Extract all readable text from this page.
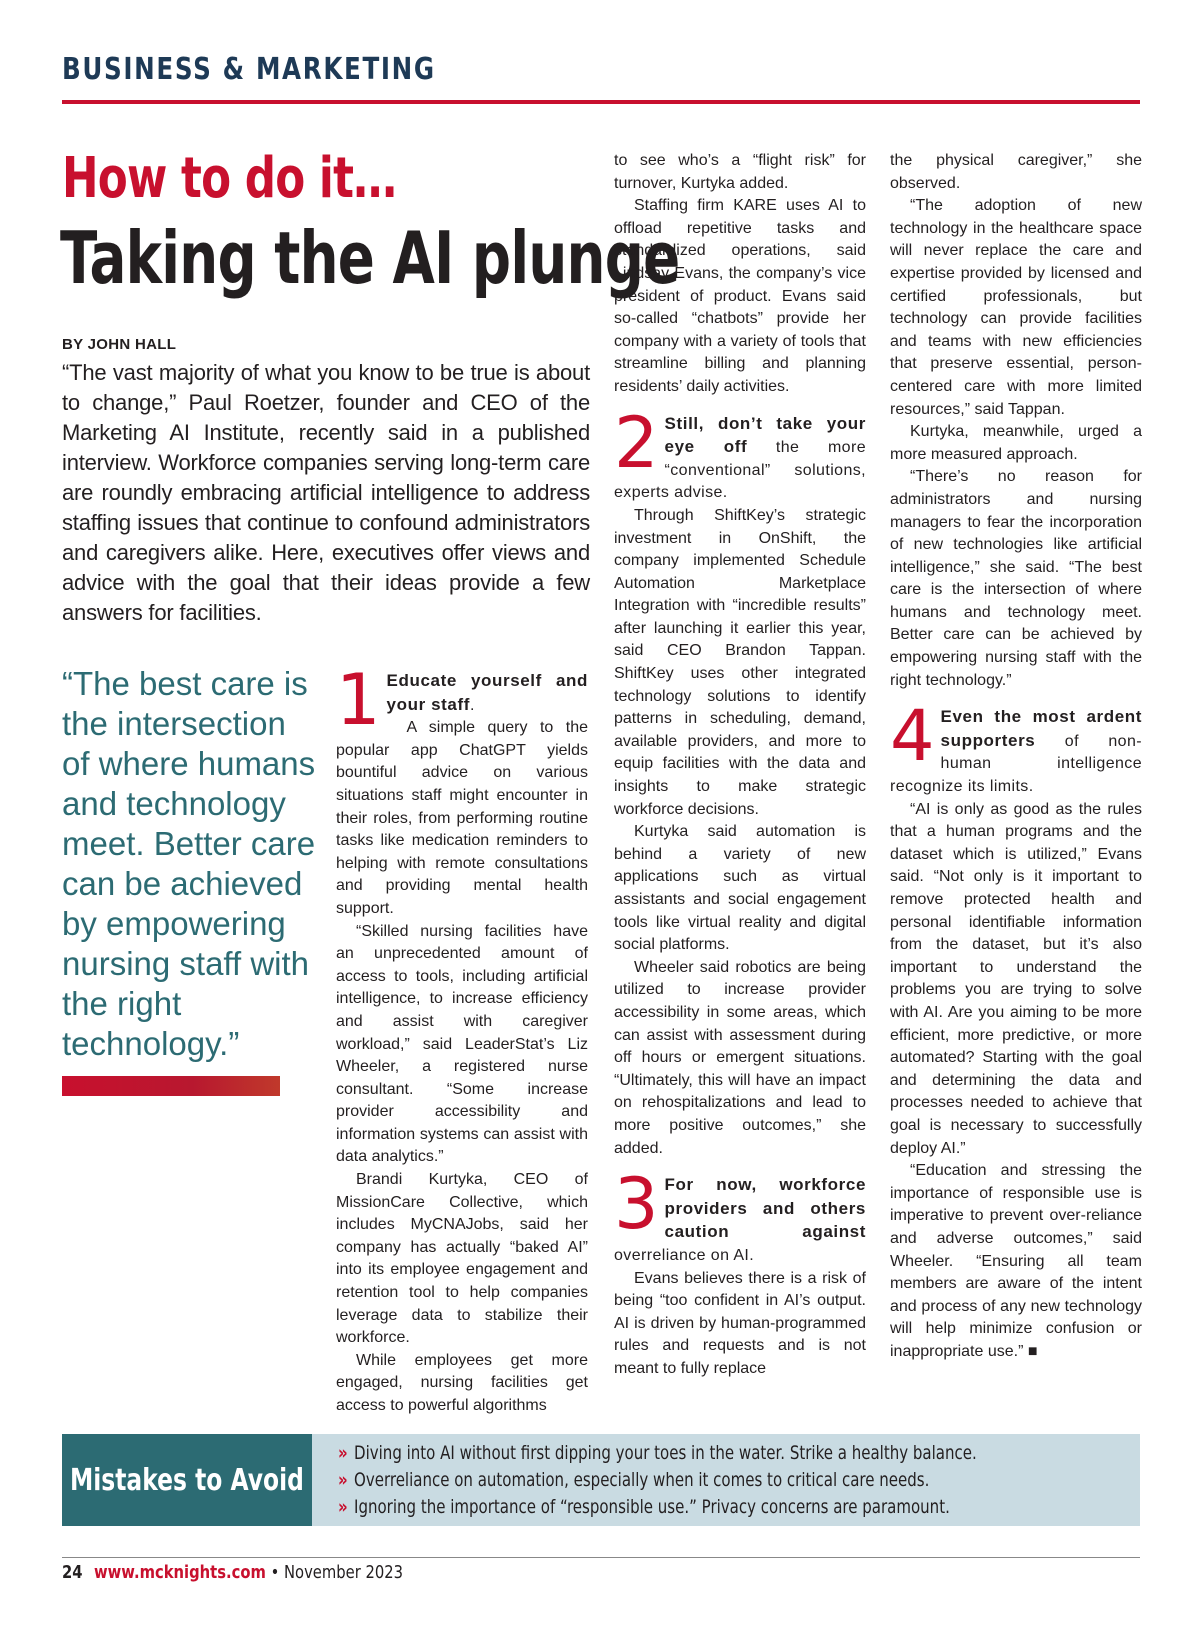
BUSINESS & MARKETING
How to do it…
Taking the AI plunge
BY JOHN HALL

“The vast majority of what you know to be true is about to change,” Paul Roetzer, founder and CEO of the Marketing AI Institute, recently said in a published interview. Workforce companies serving long-term care are roundly embracing artificial intelligence to address staffing issues that continue to confound administrators and caregivers alike. Here, executives offer views and advice with the goal that their ideas provide a few answers for facilities.

“The best care is the intersection of where humans and technology meet. Better care can be achieved by empowering nursing staff with the right technology.”

1 Educate yourself and your staff.

A simple query to the popular app ChatGPT yields bountiful advice on various situations staff might encounter in their roles, from performing routine tasks like medication reminders to helping with remote consultations and providing mental health support.

“Skilled nursing facilities have an unprecedented amount of access to tools, including artificial intelligence, to increase efficiency and assist with caregiver workload,” said LeaderStat’s Liz Wheeler, a registered nurse consultant. “Some increase provider accessibility and information systems can assist with data analytics.”

Brandi Kurtyka, CEO of MissionCare Collective, which includes MyCNAJobs, said her company has actually “baked AI” into its employee engagement and retention tool to help companies leverage data to stabilize their workforce.

While employees get more engaged, nursing facilities get access to powerful algorithms

to see who’s a “flight risk” for turnover, Kurtyka added.

Staffing firm KARE uses AI to offload repetitive tasks and standardized operations, said Lindsay Evans, the company’s vice president of product. Evans said so-called “chatbots” provide her company with a variety of tools that streamline billing and planning residents’ daily activities.

2 Still, don’t take your eye off the more “conventional” solutions, experts advise.

Through ShiftKey’s strategic investment in OnShift, the company implemented Schedule Automation Marketplace Integration with “incredible results” after launching it earlier this year, said CEO Brandon Tappan. ShiftKey uses other integrated technology solutions to identify patterns in scheduling, demand, available providers, and more to equip facilities with the data and insights to make strategic workforce decisions.

Kurtyka said automation is behind a variety of new applications such as virtual assistants and social engagement tools like virtual reality and digital social platforms.

Wheeler said robotics are being utilized to increase provider accessibility in some areas, which can assist with assessment during off hours or emergent situations. “Ultimately, this will have an impact on rehospitalizations and lead to more positive outcomes,” she added.

3 For now, workforce providers and others caution against overreliance on AI.

Evans believes there is a risk of being “too confident in AI’s output. AI is driven by human-programmed rules and requests and is not meant to fully replace

the physical caregiver,” she observed.

“The adoption of new technology in the healthcare space will never replace the care and expertise provided by licensed and certified professionals, but technology can provide facilities and teams with new efficiencies that preserve essential, person-centered care with more limited resources,” said Tappan.

Kurtyka, meanwhile, urged a more measured approach.

“There’s no reason for administrators and nursing managers to fear the incorporation of new technologies like artificial intelligence,” she said. “The best care is the intersection of where humans and technology meet. Better care can be achieved by empowering nursing staff with the right technology.”

4 Even the most ardent supporters of non-human intelligence recognize its limits.

“AI is only as good as the rules that a human programs and the dataset which is utilized,” Evans said. “Not only is it important to remove protected health and personal identifiable information from the dataset, but it’s also important to understand the problems you are trying to solve with AI. Are you aiming to be more efficient, more predictive, or more automated? Starting with the goal and determining the data and processes needed to achieve that goal is necessary to successfully deploy AI.”

“Education and stressing the importance of responsible use is imperative to prevent over-reliance and adverse outcomes,” said Wheeler. “Ensuring all team members are aware of the intent and process of any new technology will help minimize confusion or inappropriate use.” ■

Mistakes to Avoid
» Diving into AI without first dipping your toes in the water. Strike a healthy balance.
» Overreliance on automation, especially when it comes to critical care needs.
» Ignoring the importance of “responsible use.” Privacy concerns are paramount.
24 www.mcknights.com • November 2023
